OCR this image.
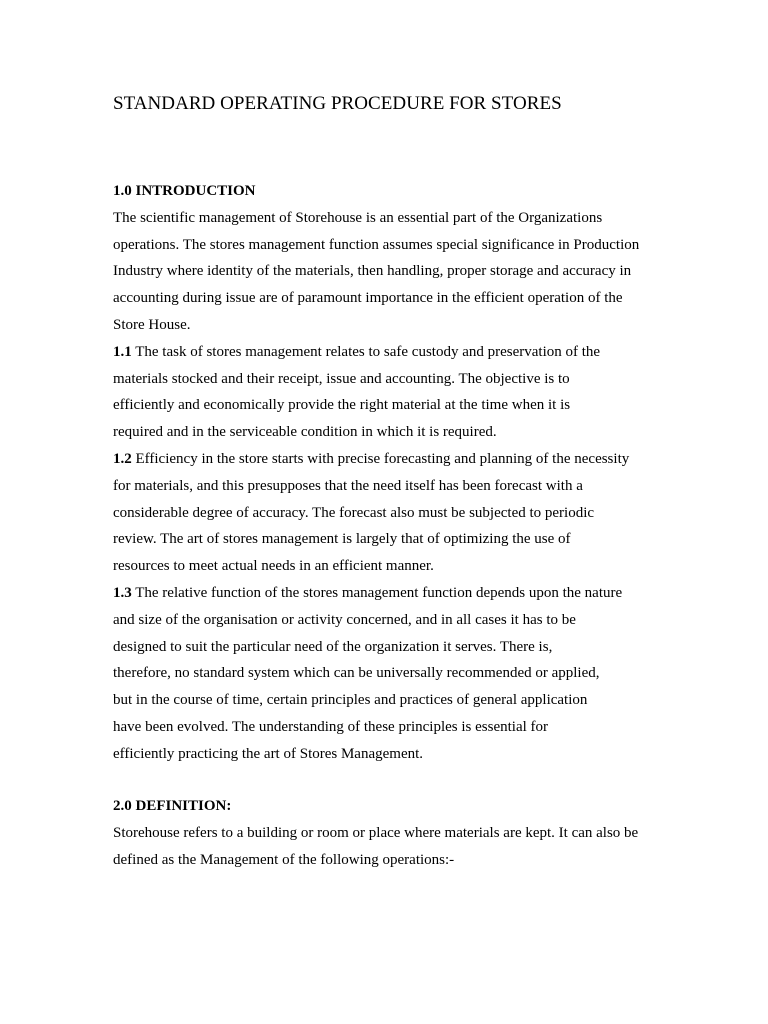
STANDARD OPERATING PROCEDURE FOR STORES
1.0 INTRODUCTION
The scientific management of Storehouse is an essential part of the Organizations
operations. The stores management function assumes special significance in Production
Industry where identity of the materials, then handling, proper storage and accuracy in
accounting during issue are of paramount importance in the efficient operation of the
Store House.
1.1 The task of stores management relates to safe custody and preservation of the
materials stocked and their receipt, issue and accounting. The objective is to
efficiently and economically provide the right material at the time when it is
required and in the serviceable condition in which it is required.
1.2 Efficiency in the store starts with precise forecasting and planning of the necessity
for materials, and this presupposes that the need itself has been forecast with a
considerable degree of accuracy. The forecast also must be subjected to periodic
review. The art of stores management is largely that of optimizing the use of
resources to meet actual needs in an efficient manner.
1.3 The relative function of the stores management function depends upon the nature
and size of the organisation or activity concerned, and in all cases it has to be
designed to suit the particular need of the organization it serves. There is,
therefore, no standard system which can be universally recommended or applied,
but in the course of time, certain principles and practices of general application
have been evolved. The understanding of these principles is essential for
efficiently practicing the art of Stores Management.
2.0 DEFINITION:
Storehouse refers to a building or room or place where materials are kept. It can also be
defined as the Management of the following operations:-
